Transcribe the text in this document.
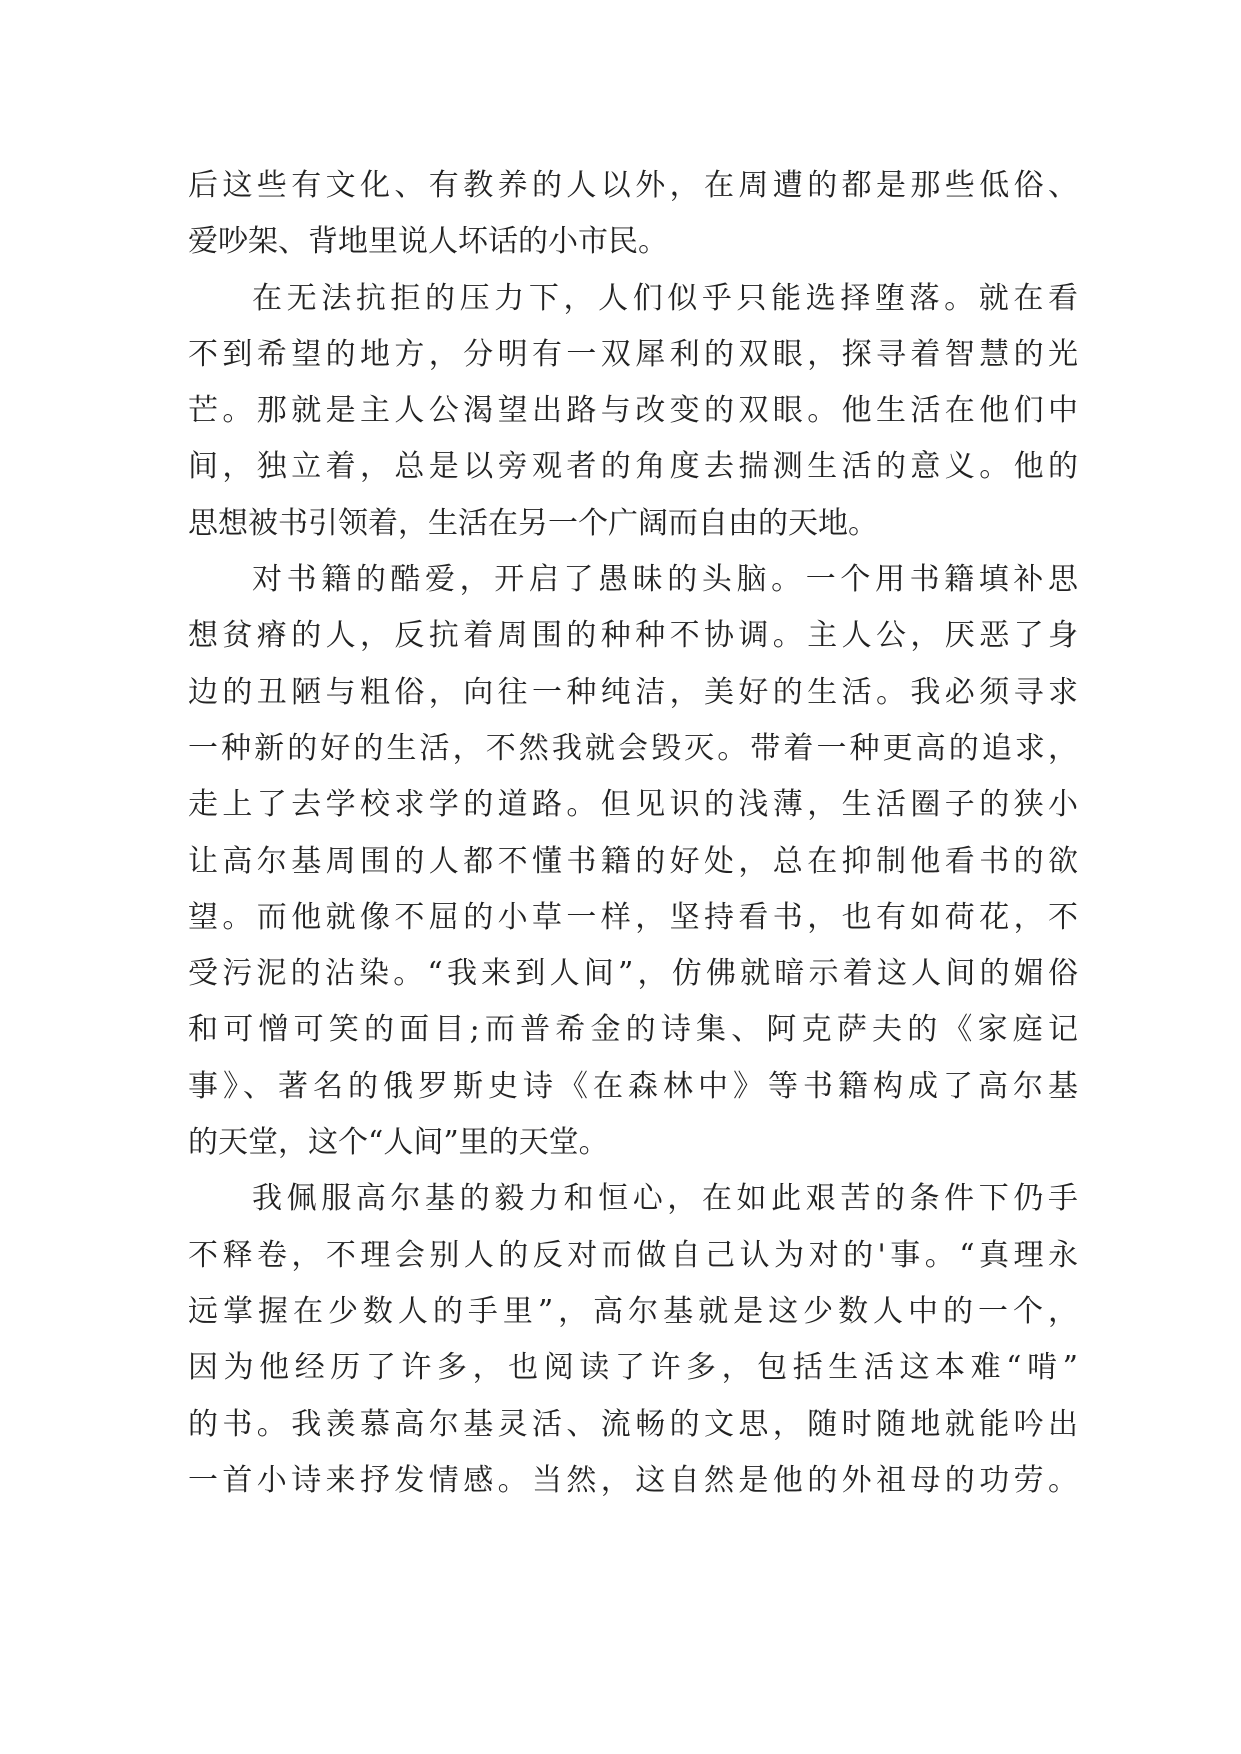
后这些有文化、有教养的人以外，在周遭的都是那些低俗、
爱吵架、背地里说人坏话的小市民。
在无法抗拒的压力下，人们似乎只能选择堕落。就在看
不到希望的地方，分明有一双犀利的双眼，探寻着智慧的光
芒。那就是主人公渴望出路与改变的双眼。他生活在他们中
间，独立着，总是以旁观者的角度去揣测生活的意义。他的
思想被书引领着，生活在另一个广阔而自由的天地。
对书籍的酷爱，开启了愚昧的头脑。一个用书籍填补思
想贫瘠的人，反抗着周围的种种不协调。主人公，厌恶了身
边的丑陋与粗俗，向往一种纯洁，美好的生活。我必须寻求
一种新的好的生活，不然我就会毁灭。带着一种更高的追求，
走上了去学校求学的道路。但见识的浅薄，生活圈子的狭小
让高尔基周围的人都不懂书籍的好处，总在抑制他看书的欲
望。而他就像不屈的小草一样，坚持看书，也有如荷花，不
受污泥的沾染。“我来到人间”，仿佛就暗示着这人间的媚俗
和可憎可笑的面目;而普希金的诗集、阿克萨夫的《家庭记
事》、著名的俄罗斯史诗《在森林中》等书籍构成了高尔基
的天堂，这个“人间”里的天堂。
我佩服高尔基的毅力和恒心，在如此艰苦的条件下仍手
不释卷，不理会别人的反对而做自己认为对的'事。“真理永
远掌握在少数人的手里”，高尔基就是这少数人中的一个，
因为他经历了许多，也阅读了许多，包括生活这本难“啃”
的书。我羡慕高尔基灵活、流畅的文思，随时随地就能吟出
一首小诗来抒发情感。当然，这自然是他的外祖母的功劳。
